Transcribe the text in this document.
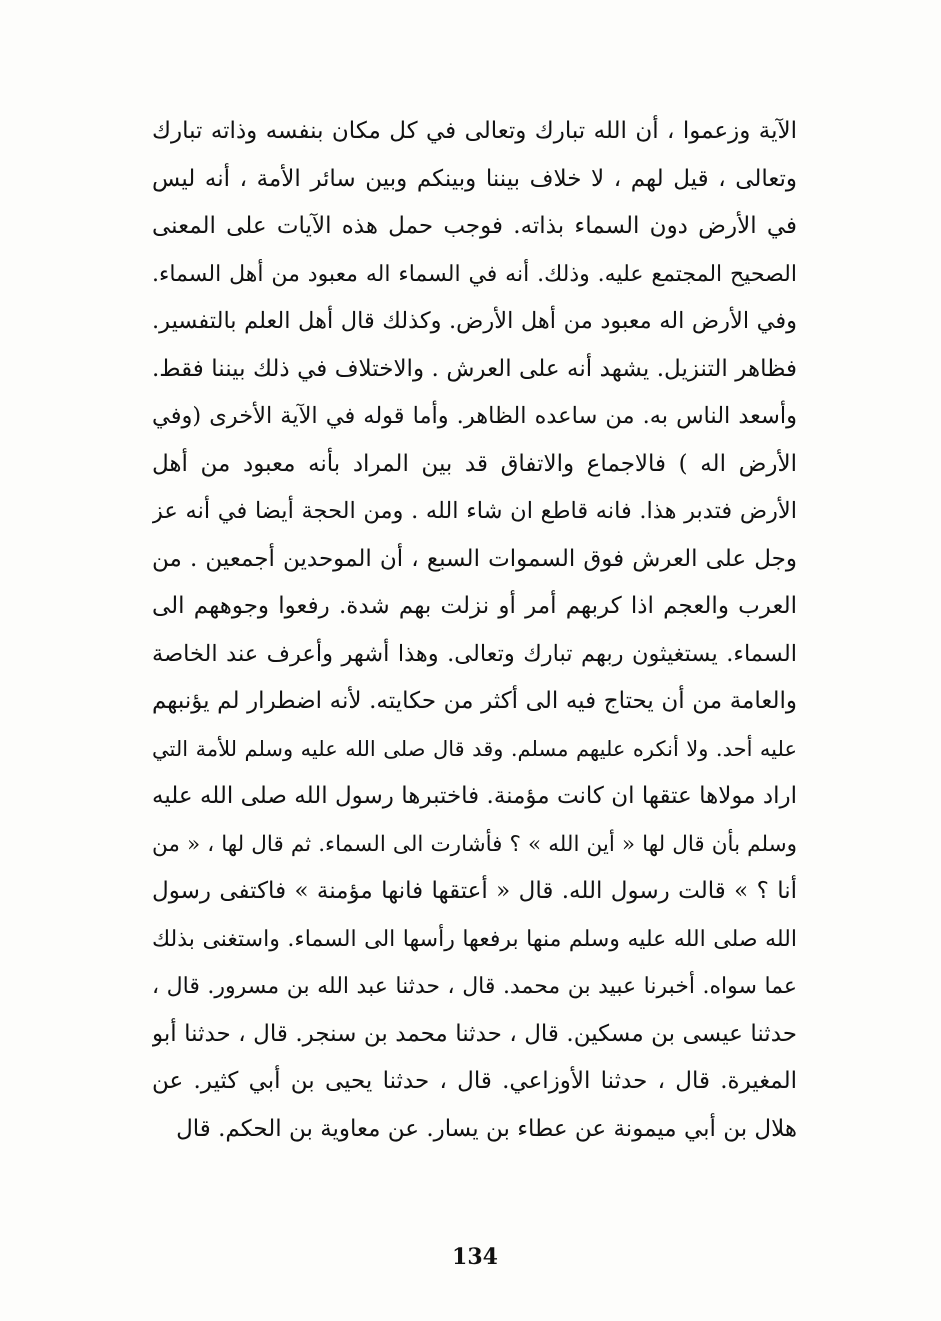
الآية وزعموا ، أن الله تبارك وتعالى في كل مكان بنفسه وذاته تبارك
وتعالى ، قيل لهم ، لا خلاف بيننا وبينكم وبين سائر الأمة ، أنه ليس
في الأرض دون السماء بذاته. فوجب حمل هذه الآيات على المعنى
الصحيح المجتمع عليه. وذلك. أنه في السماء اله معبود من أهل السماء.
وفي الأرض اله معبود من أهل الأرض. وكذلك قال أهل العلم بالتفسير.
فظاهر التنزيل. يشهد أنه على العرش . والاختلاف في ذلك بيننا فقط.
وأسعد الناس به. من ساعده الظاهر. وأما قوله في الآية الأخرى (وفي
الأرض اله ) فالاجماع والاتفاق قد بين المراد بأنه معبود من أهل
الأرض فتدبر هذا. فانه قاطع ان شاء الله . ومن الحجة أيضا في أنه عز
وجل على العرش فوق السموات السبع ، أن الموحدين أجمعين . من
العرب والعجم اذا كربهم أمر أو نزلت بهم شدة. رفعوا وجوههم الى
السماء. يستغيثون ربهم تبارك وتعالى. وهذا أشهر وأعرف عند الخاصة
والعامة من أن يحتاج فيه الى أكثر من حكايته. لأنه اضطرار لم يؤنبهم
عليه أحد. ولا أنكره عليهم مسلم. وقد قال صلى الله عليه وسلم للأمة التي
اراد مولاها عتقها ان كانت مؤمنة. فاختبرها رسول الله صلى الله عليه
وسلم بأن قال لها « أين الله » ؟ فأشارت الى السماء. ثم قال لها ، « من
أنا ؟ » قالت رسول الله. قال « أعتقها فانها مؤمنة » فاكتفى رسول
الله صلى الله عليه وسلم منها برفعها رأسها الى السماء. واستغنى بذلك
عما سواه. أخبرنا عبيد بن محمد. قال ، حدثنا عبد الله بن مسرور. قال ،
حدثنا عيسى بن مسكين. قال ، حدثنا محمد بن سنجر. قال ، حدثنا أبو
المغيرة. قال ، حدثنا الأوزاعي. قال ، حدثنا يحيى بن أبي كثير. عن
هلال بن أبي ميمونة عن عطاء بن يسار. عن معاوية بن الحكم. قال
134
